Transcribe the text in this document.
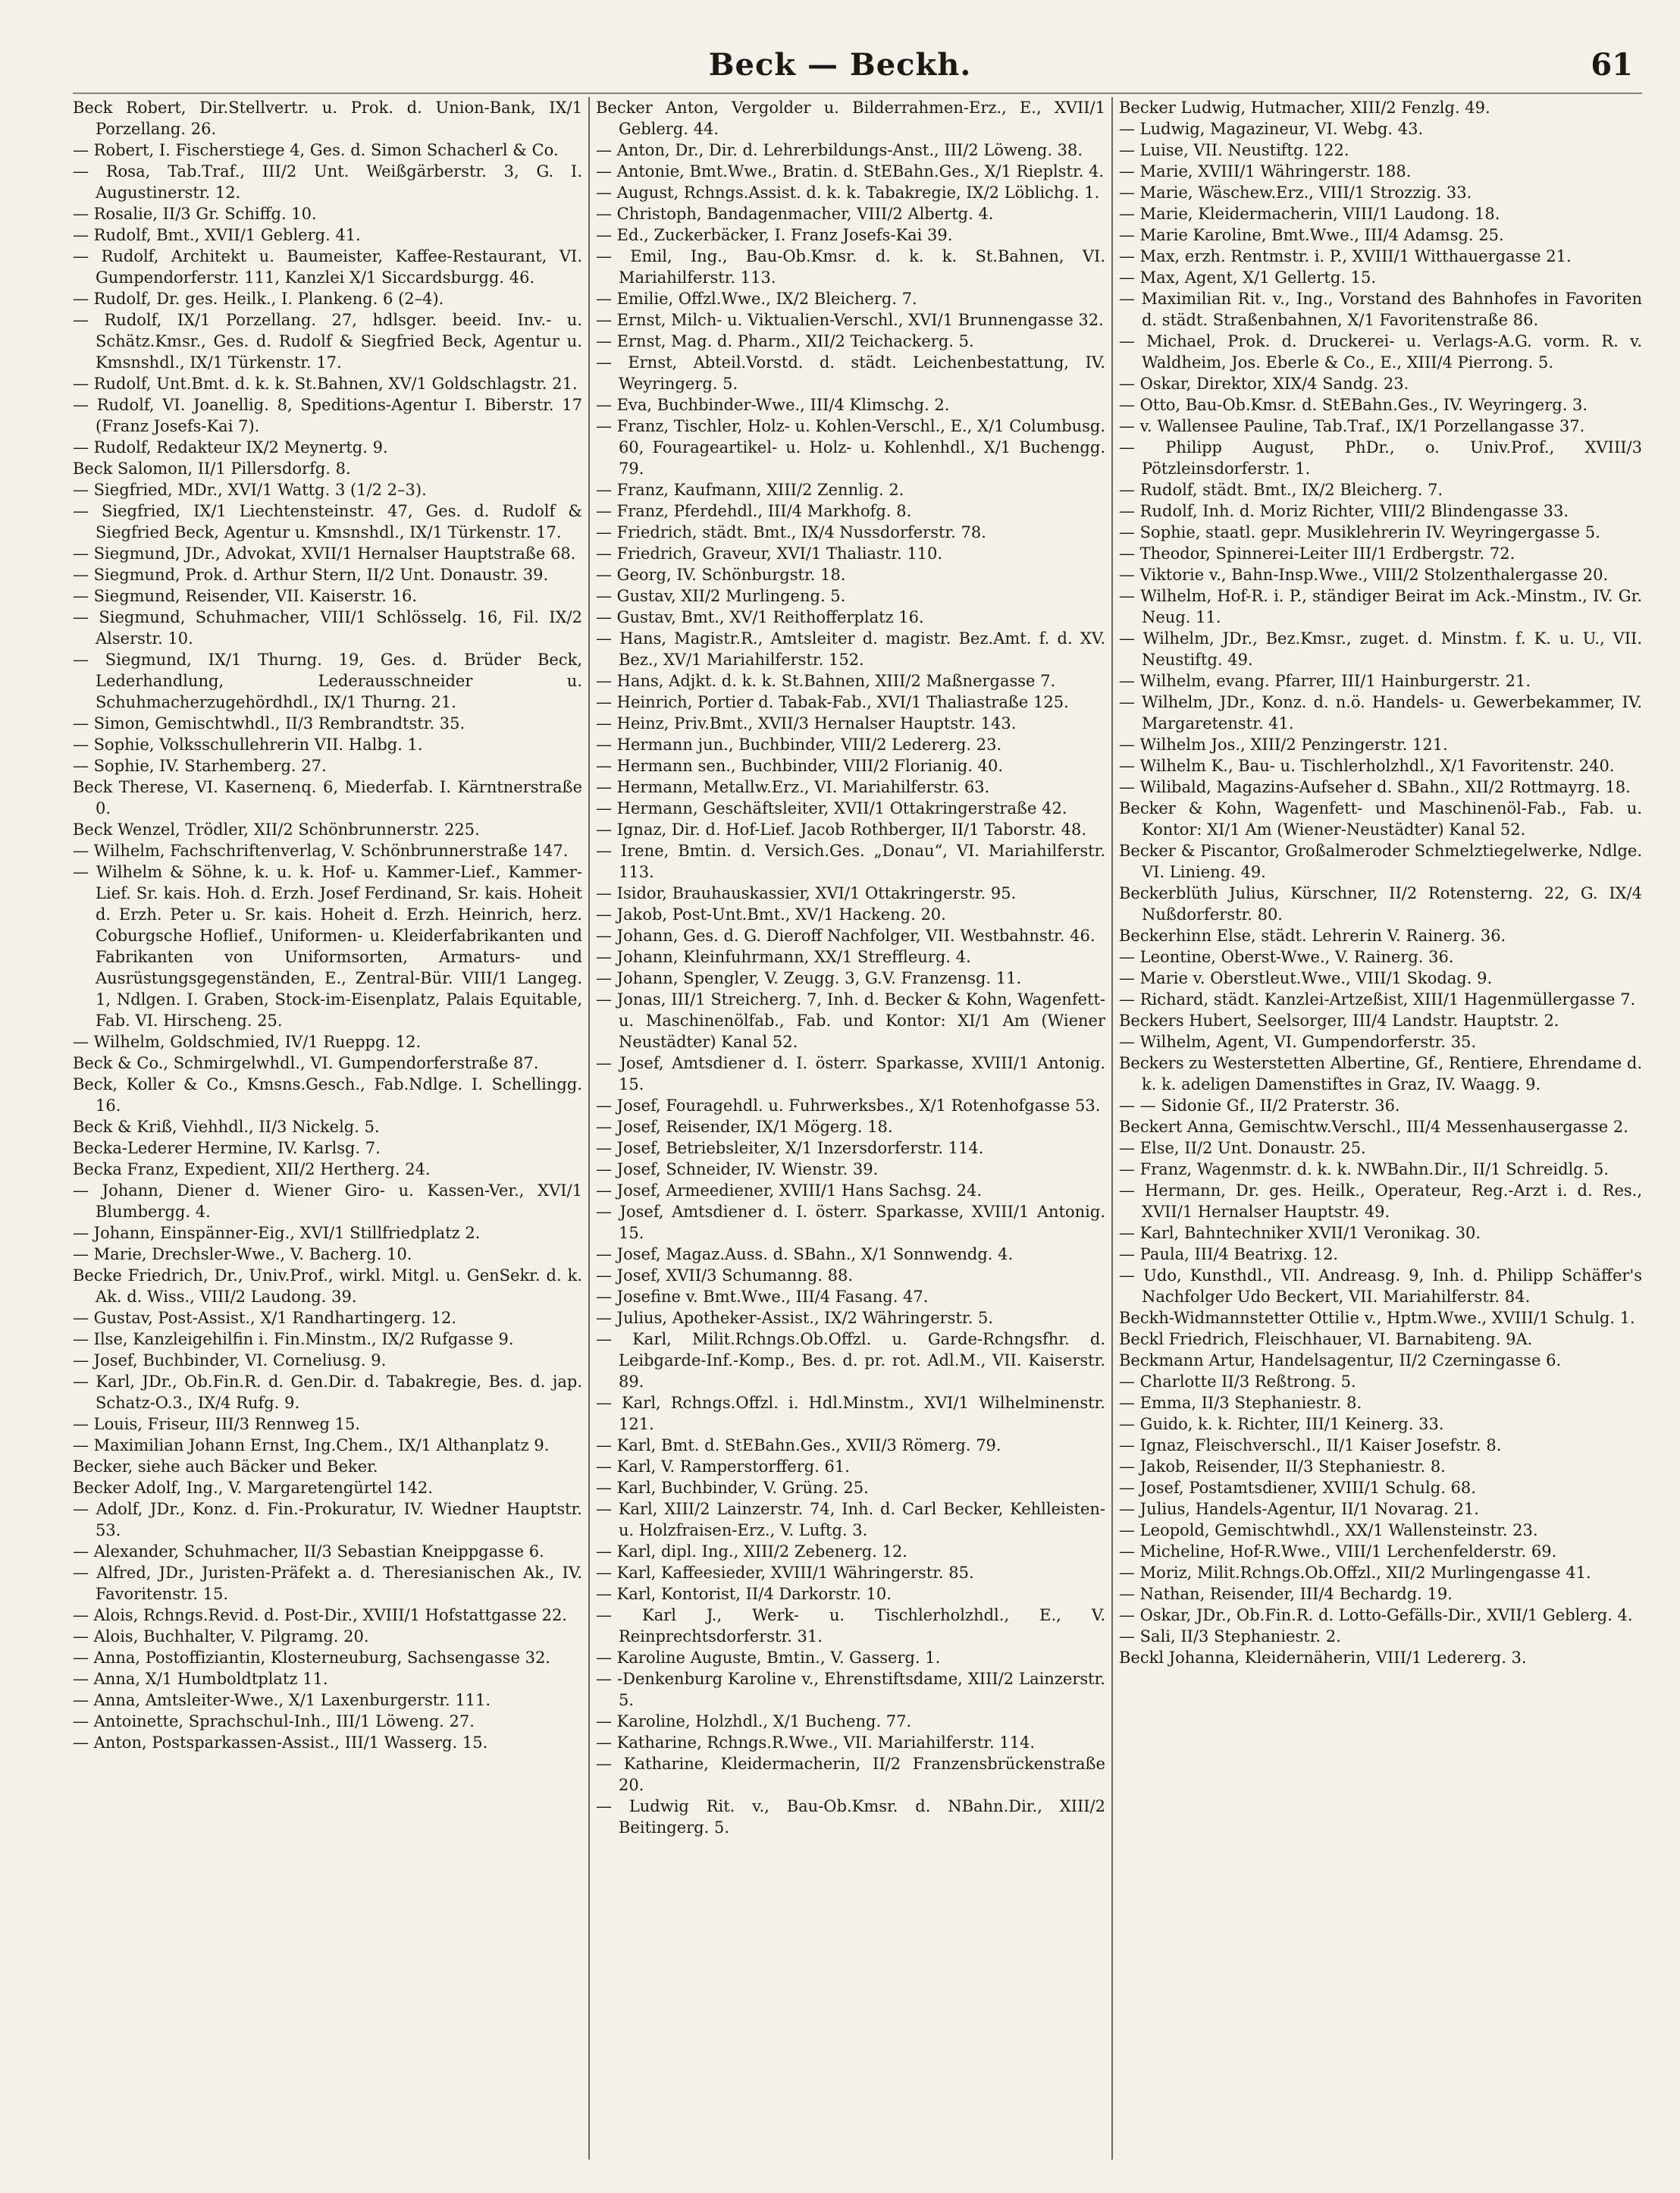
Beck — Beckh.	61

Beck Robert, Dir.Stellvertr. u. Prok. d. Union-Bank, IX/1 Porzellang. 26.

— Robert, I. Fischerstiege 4, Ges. d. Simon Schacherl & Co.

— Rosa, Tab.Traf., III/2 Unt. Weißgärberstr. 3, G. I. Augustinerstr. 12.

— Rosalie, II/3 Gr. Schiffg. 10.

— Rudolf, Bmt., XVII/1 Geblerg. 41.

— Rudolf, Architekt u. Baumeister, Kaffee-Restaurant, VI. Gumpendorferstr. 111, Kanzlei X/1 Siccardsburgg. 46.

— Rudolf, Dr. ges. Heilk., I. Plankeng. 6 (2–4).

— Rudolf, IX/1 Porzellang. 27, hdlsger. beeid. Inv.- u. Schätz.Kmsr., Ges. d. Rudolf & Siegfried Beck, Agentur u. Kmsnshdl., IX/1 Türkenstr. 17.

— Rudolf, Unt.Bmt. d. k. k. St.Bahnen, XV/1 Goldschlagstr. 21.

— Rudolf, VI. Joanellig. 8, Speditions-Agentur I. Biberstr. 17 (Franz Josefs-Kai 7).

— Rudolf, Redakteur IX/2 Meynertg. 9.

Beck Salomon, II/1 Pillersdorfg. 8.

— Siegfried, MDr., XVI/1 Wattg. 3 (1/2 2–3).

— Siegfried, IX/1 Liechtensteinstr. 47, Ges. d. Rudolf & Siegfried Beck, Agentur u. Kmsnshdl., IX/1 Türkenstr. 17.

— Siegmund, JDr., Advokat, XVII/1 Hernalser Hauptstraße 68.

— Siegmund, Prok. d. Arthur Stern, II/2 Unt. Donaustr. 39.

— Siegmund, Reisender, VII. Kaiserstr. 16.

— Siegmund, Schuhmacher, VIII/1 Schlösselg. 16, Fil. IX/2 Alserstr. 10.

— Siegmund, IX/1 Thurng. 19, Ges. d. Brüder Beck, Lederhandlung, Lederausschneider u. Schuhmacherzugehördhdl., IX/1 Thurng. 21.

— Simon, Gemischtwhdl., II/3 Rembrandtstr. 35.

— Sophie, Volksschullehrerin VII. Halbg. 1.

— Sophie, IV. Starhemberg. 27.

Beck Therese, VI. Kasernenq. 6, Miederfab. I. Kärntnerstraße 0.

Beck Wenzel, Trödler, XII/2 Schönbrunnerstr. 225.

— Wilhelm, Fachschriftenverlag, V. Schönbrunnerstraße 147.

— Wilhelm & Söhne, k. u. k. Hof- u. Kammer-Lief., Kammer-Lief. Sr. kais. Hoh. d. Erzh. Josef Ferdinand, Sr. kais. Hoheit d. Erzh. Peter u. Sr. kais. Hoheit d. Erzh. Heinrich, herz. Coburgsche Hoflief., Uniformen- u. Kleiderfabrikanten und Fabrikanten von Uniformsorten, Armaturs- und Ausrüstungsgegenständen, E., Zentral-Bür. VIII/1 Langeg. 1, Ndlgen. I. Graben, Stock-im-Eisenplatz, Palais Equitable, Fab. VI. Hirscheng. 25.

— Wilhelm, Goldschmied, IV/1 Rueppg. 12.

Beck & Co., Schmirgelwhdl., VI. Gumpendorferstraße 87.

Beck, Koller & Co., Kmsns.Gesch., Fab.Ndlge. I. Schellingg. 16.

Beck & Kriß, Viehhdl., II/3 Nickelg. 5.

Becka-Lederer Hermine, IV. Karlsg. 7.

Becka Franz, Expedient, XII/2 Hertherg. 24.

— Johann, Diener d. Wiener Giro- u. Kassen-Ver., XVI/1 Blumbergg. 4.

— Johann, Einspänner-Eig., XVI/1 Stillfriedplatz 2.

— Marie, Drechsler-Wwe., V. Bacherg. 10.

Becke Friedrich, Dr., Univ.Prof., wirkl. Mitgl. u. GenSekr. d. k. Ak. d. Wiss., VIII/2 Laudong. 39.

— Gustav, Post-Assist., X/1 Randhartingerg. 12.

— Ilse, Kanzleigehilfin i. Fin.Minstm., IX/2 Rufgasse 9.

— Josef, Buchbinder, VI. Corneliusg. 9.

— Karl, JDr., Ob.Fin.R. d. Gen.Dir. d. Tabakregie, Bes. d. jap. Schatz-O.3., IX/4 Rufg. 9.

— Louis, Friseur, III/3 Rennweg 15.

— Maximilian Johann Ernst, Ing.Chem., IX/1 Althanplatz 9.

Becker, siehe auch Bäcker und Beker.

Becker Adolf, Ing., V. Margaretengürtel 142.

— Adolf, JDr., Konz. d. Fin.-Prokuratur, IV. Wiedner Hauptstr. 53.

— Alexander, Schuhmacher, II/3 Sebastian Kneippgasse 6.

— Alfred, JDr., Juristen-Präfekt a. d. Theresianischen Ak., IV. Favoritenstr. 15.

— Alois, Rchngs.Revid. d. Post-Dir., XVIII/1 Hofstattgasse 22.

— Alois, Buchhalter, V. Pilgramg. 20.

— Anna, Postoffiziantin, Klosterneuburg, Sachsengasse 32.

— Anna, X/1 Humboldtplatz 11.

— Anna, Amtsleiter-Wwe., X/1 Laxenburgerstr. 111.

— Antoinette, Sprachschul-Inh., III/1 Löweng. 27.

— Anton, Postsparkassen-Assist., III/1 Wasserg. 15.

Becker Anton, Vergolder u. Bilderrahmen-Erz., E., XVII/1 Geblerg. 44.

— Anton, Dr., Dir. d. Lehrerbildungs-Anst., III/2 Löweng. 38.

— Antonie, Bmt.Wwe., Bratin. d. StEBahn.Ges., X/1 Rieplstr. 4.

— August, Rchngs.Assist. d. k. k. Tabakregie, IX/2 Löblichg. 1.

— Christoph, Bandagenmacher, VIII/2 Albertg. 4.

— Ed., Zuckerbäcker, I. Franz Josefs-Kai 39.

— Emil, Ing., Bau-Ob.Kmsr. d. k. k. St.Bahnen, VI. Mariahilferstr. 113.

— Emilie, Offzl.Wwe., IX/2 Bleicherg. 7.

— Ernst, Milch- u. Viktualien-Verschl., XVI/1 Brunnengasse 32.

— Ernst, Mag. d. Pharm., XII/2 Teichackerg. 5.

— Ernst, Abteil.Vorstd. d. städt. Leichenbestattung, IV. Weyringerg. 5.

— Eva, Buchbinder-Wwe., III/4 Klimschg. 2.

— Franz, Tischler, Holz- u. Kohlen-Verschl., E., X/1 Columbusg. 60, Fourageartikel- u. Holz- u. Kohlenhdl., X/1 Buchengg. 79.

— Franz, Kaufmann, XIII/2 Zennlig. 2.

— Franz, Pferdehdl., III/4 Markhofg. 8.

— Friedrich, städt. Bmt., IX/4 Nussdorferstr. 78.

— Friedrich, Graveur, XVI/1 Thaliastr. 110.

— Georg, IV. Schönburgstr. 18.

— Gustav, XII/2 Murlingeng. 5.

— Gustav, Bmt., XV/1 Reithofferplatz 16.

— Hans, Magistr.R., Amtsleiter d. magistr. Bez.Amt. f. d. XV. Bez., XV/1 Mariahilferstr. 152.

— Hans, Adjkt. d. k. k. St.Bahnen, XIII/2 Maßnergasse 7.

— Heinrich, Portier d. Tabak-Fab., XVI/1 Thaliastraße 125.

— Heinz, Priv.Bmt., XVII/3 Hernalser Hauptstr. 143.

— Hermann jun., Buchbinder, VIII/2 Ledererg. 23.

— Hermann sen., Buchbinder, VIII/2 Florianig. 40.

— Hermann, Metallw.Erz., VI. Mariahilferstr. 63.

— Hermann, Geschäftsleiter, XVII/1 Ottakringerstraße 42.

— Ignaz, Dir. d. Hof-Lief. Jacob Rothberger, II/1 Taborstr. 48.

— Irene, Bmtin. d. Versich.Ges. „Donau“, VI. Mariahilferstr. 113.

— Isidor, Brauhauskassier, XVI/1 Ottakringerstr. 95.

— Jakob, Post-Unt.Bmt., XV/1 Hackeng. 20.

— Johann, Ges. d. G. Dieroff Nachfolger, VII. Westbahnstr. 46.

— Johann, Kleinfuhrmann, XX/1 Streffleurg. 4.

— Johann, Spengler, V. Zeugg. 3, G.V. Franzensg. 11.

— Jonas, III/1 Streicherg. 7, Inh. d. Becker & Kohn, Wagenfett- u. Maschinenölfab., Fab. und Kontor: XI/1 Am (Wiener Neustädter) Kanal 52.

— Josef, Amtsdiener d. I. österr. Sparkasse, XVIII/1 Antonig. 15.

— Josef, Fouragehdl. u. Fuhrwerksbes., X/1 Rotenhofgasse 53.

— Josef, Reisender, IX/1 Mögerg. 18.

— Josef, Betriebsleiter, X/1 Inzersdorferstr. 114.

— Josef, Schneider, IV. Wienstr. 39.

— Josef, Armeediener, XVIII/1 Hans Sachsg. 24.

— Josef, Amtsdiener d. I. österr. Sparkasse, XVIII/1 Antonig. 15.

— Josef, Magaz.Auss. d. SBahn., X/1 Sonnwendg. 4.

— Josef, XVII/3 Schumanng. 88.

— Josefine v. Bmt.Wwe., III/4 Fasang. 47.

— Julius, Apotheker-Assist., IX/2 Währingerstr. 5.

— Karl, Milit.Rchngs.Ob.Offzl. u. Garde-Rchngsfhr. d. Leibgarde-Inf.-Komp., Bes. d. pr. rot. Adl.M., VII. Kaiserstr. 89.

— Karl, Rchngs.Offzl. i. Hdl.Minstm., XVI/1 Wilhelminenstr. 121.

— Karl, Bmt. d. StEBahn.Ges., XVII/3 Römerg. 79.

— Karl, V. Ramperstorfferg. 61.

— Karl, Buchbinder, V. Grüng. 25.

— Karl, XIII/2 Lainzerstr. 74, Inh. d. Carl Becker, Kehlleisten- u. Holzfraisen-Erz., V. Luftg. 3.

— Karl, dipl. Ing., XIII/2 Zebenerg. 12.

— Karl, Kaffeesieder, XVIII/1 Währingerstr. 85.

— Karl, Kontorist, II/4 Darkorstr. 10.

— Karl J., Werk- u. Tischlerholzhdl., E., V. Reinprechtsdorferstr. 31.

— Karoline Auguste, Bmtin., V. Gasserg. 1.

— -Denkenburg Karoline v., Ehrenstiftsdame, XIII/2 Lainzerstr. 5.

— Karoline, Holzhdl., X/1 Bucheng. 77.

— Katharine, Rchngs.R.Wwe., VII. Mariahilferstr. 114.

— Katharine, Kleidermacherin, II/2 Franzensbrückenstraße 20.

— Ludwig Rit. v., Bau-Ob.Kmsr. d. NBahn.Dir., XIII/2 Beitingerg. 5.

Becker Ludwig, Hutmacher, XIII/2 Fenzlg. 49.

— Ludwig, Magazineur, VI. Webg. 43.

— Luise, VII. Neustiftg. 122.

— Marie, XVIII/1 Währingerstr. 188.

— Marie, Wäschew.Erz., VIII/1 Strozzig. 33.

— Marie, Kleidermacherin, VIII/1 Laudong. 18.

— Marie Karoline, Bmt.Wwe., III/4 Adamsg. 25.

— Max, erzh. Rentmstr. i. P., XVIII/1 Witthauergasse 21.

— Max, Agent, X/1 Gellertg. 15.

— Maximilian Rit. v., Ing., Vorstand des Bahnhofes in Favoriten d. städt. Straßenbahnen, X/1 Favoritenstraße 86.

— Michael, Prok. d. Druckerei- u. Verlags-A.G. vorm. R. v. Waldheim, Jos. Eberle & Co., E., XIII/4 Pierrong. 5.

— Oskar, Direktor, XIX/4 Sandg. 23.

— Otto, Bau-Ob.Kmsr. d. StEBahn.Ges., IV. Weyringerg. 3.

— v. Wallensee Pauline, Tab.Traf., IX/1 Porzellangasse 37.

— Philipp August, PhDr., o. Univ.Prof., XVIII/3 Pötzleinsdorferstr. 1.

— Rudolf, städt. Bmt., IX/2 Bleicherg. 7.

— Rudolf, Inh. d. Moriz Richter, VIII/2 Blindengasse 33.

— Sophie, staatl. gepr. Musiklehrerin IV. Weyringergasse 5.

— Theodor, Spinnerei-Leiter III/1 Erdbergstr. 72.

— Viktorie v., Bahn-Insp.Wwe., VIII/2 Stolzenthalergasse 20.

— Wilhelm, Hof-R. i. P., ständiger Beirat im Ack.-Minstm., IV. Gr. Neug. 11.

— Wilhelm, JDr., Bez.Kmsr., zuget. d. Minstm. f. K. u. U., VII. Neustiftg. 49.

— Wilhelm, evang. Pfarrer, III/1 Hainburgerstr. 21.

— Wilhelm, JDr., Konz. d. n.ö. Handels- u. Gewerbekammer, IV. Margaretenstr. 41.

— Wilhelm Jos., XIII/2 Penzingerstr. 121.

— Wilhelm K., Bau- u. Tischlerholzhdl., X/1 Favoritenstr. 240.

— Wilibald, Magazins-Aufseher d. SBahn., XII/2 Rottmayrg. 18.

Becker & Kohn, Wagenfett- und Maschinenöl-Fab., Fab. u. Kontor: XI/1 Am (Wiener-Neustädter) Kanal 52.

Becker & Piscantor, Großalmeroder Schmelztiegelwerke, Ndlge. VI. Linieng. 49.

Beckerblüth Julius, Kürschner, II/2 Rotensterng. 22, G. IX/4 Nußdorferstr. 80.

Beckerhinn Else, städt. Lehrerin V. Rainerg. 36.

— Leontine, Oberst-Wwe., V. Rainerg. 36.

— Marie v. Oberstleut.Wwe., VIII/1 Skodag. 9.

— Richard, städt. Kanzlei-Artzeßist, XIII/1 Hagenmüllergasse 7.

Beckers Hubert, Seelsorger, III/4 Landstr. Hauptstr. 2.

— Wilhelm, Agent, VI. Gumpendorferstr. 35.

Beckers zu Westerstetten Albertine, Gf., Rentiere, Ehrendame d. k. k. adeligen Damenstiftes in Graz, IV. Waagg. 9.

— — Sidonie Gf., II/2 Praterstr. 36.

Beckert Anna, Gemischtw.Verschl., III/4 Messenhausergasse 2.

— Else, II/2 Unt. Donaustr. 25.

— Franz, Wagenmstr. d. k. k. NWBahn.Dir., II/1 Schreidlg. 5.

— Hermann, Dr. ges. Heilk., Operateur, Reg.-Arzt i. d. Res., XVII/1 Hernalser Hauptstr. 49.

— Karl, Bahntechniker XVII/1 Veronikag. 30.

— Paula, III/4 Beatrixg. 12.

— Udo, Kunsthdl., VII. Andreasg. 9, Inh. d. Philipp Schäffer's Nachfolger Udo Beckert, VII. Mariahilferstr. 84.

Beckh-Widmannstetter Ottilie v., Hptm.Wwe., XVIII/1 Schulg. 1.

Beckl Friedrich, Fleischhauer, VI. Barnabiteng. 9A.

Beckmann Artur, Handelsagentur, II/2 Czerningasse 6.

— Charlotte II/3 Reßtrong. 5.

— Emma, II/3 Stephaniestr. 8.

— Guido, k. k. Richter, III/1 Keinerg. 33.

— Ignaz, Fleischverschl., II/1 Kaiser Josefstr. 8.

— Jakob, Reisender, II/3 Stephaniestr. 8.

— Josef, Postamtsdiener, XVIII/1 Schulg. 68.

— Julius, Handels-Agentur, II/1 Novarag. 21.

— Leopold, Gemischtwhdl., XX/1 Wallensteinstr. 23.

— Micheline, Hof-R.Wwe., VIII/1 Lerchenfelderstr. 69.

— Moriz, Milit.Rchngs.Ob.Offzl., XII/2 Murlingengasse 41.

— Nathan, Reisender, III/4 Bechardg. 19.

— Oskar, JDr., Ob.Fin.R. d. Lotto-Gefälls-Dir., XVII/1 Geblerg. 4.

— Sali, II/3 Stephaniestr. 2.

Beckl Johanna, Kleidernäherin, VIII/1 Ledererg. 3.
